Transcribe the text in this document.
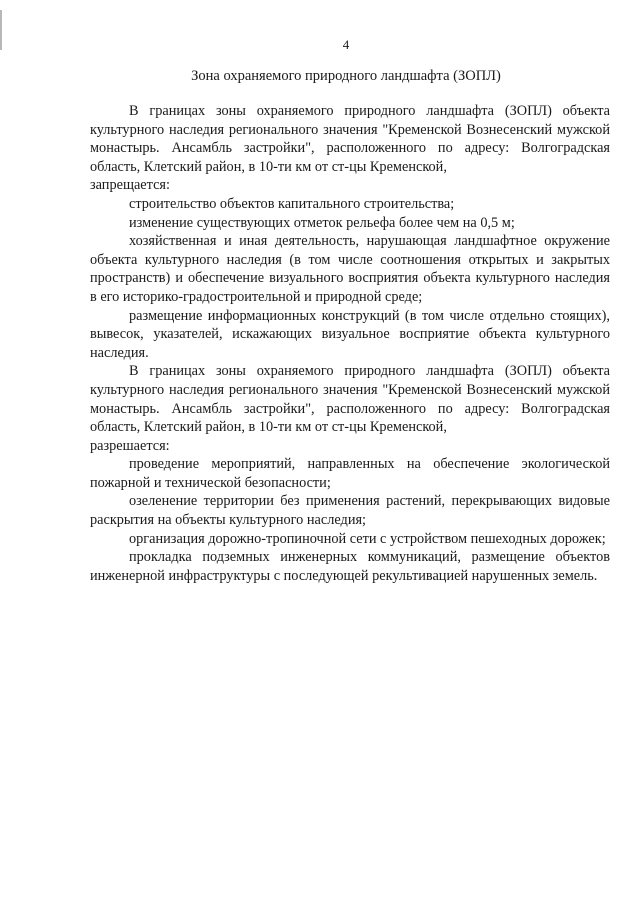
4
Зона охраняемого природного ландшафта (ЗОПЛ)

В границах зоны охраняемого природного ландшафта (ЗОПЛ) объекта культурного наследия регионального значения "Кременской Вознесенский мужской монастырь. Ансамбль застройки", расположенного по адресу: Волгоградская область, Клетский район, в 10-ти км от ст-цы Кременской,

запрещается:

строительство объектов капитального строительства;

изменение существующих отметок рельефа более чем на 0,5 м;

хозяйственная и иная деятельность, нарушающая ландшафтное окружение объекта культурного наследия (в том числе соотношения открытых и закрытых пространств) и обеспечение визуального восприятия объекта культурного наследия в его историко-градостроительной и природной среде;

размещение информационных конструкций (в том числе отдельно стоящих), вывесок, указателей, искажающих визуальное восприятие объекта культурного наследия.

В границах зоны охраняемого природного ландшафта (ЗОПЛ) объекта культурного наследия регионального значения "Кременской Вознесенский мужской монастырь. Ансамбль застройки", расположенного по адресу: Волгоградская область, Клетский район, в 10-ти км от ст-цы Кременской,

разрешается:

проведение мероприятий, направленных на обеспечение экологической пожарной и технической безопасности;

озеленение территории без применения растений, перекрывающих видовые раскрытия на объекты культурного наследия;

организация дорожно-тропиночной сети с устройством пешеходных дорожек;

прокладка подземных инженерных коммуникаций, размещение объектов инженерной инфраструктуры с последующей рекультивацией нарушенных земель.
